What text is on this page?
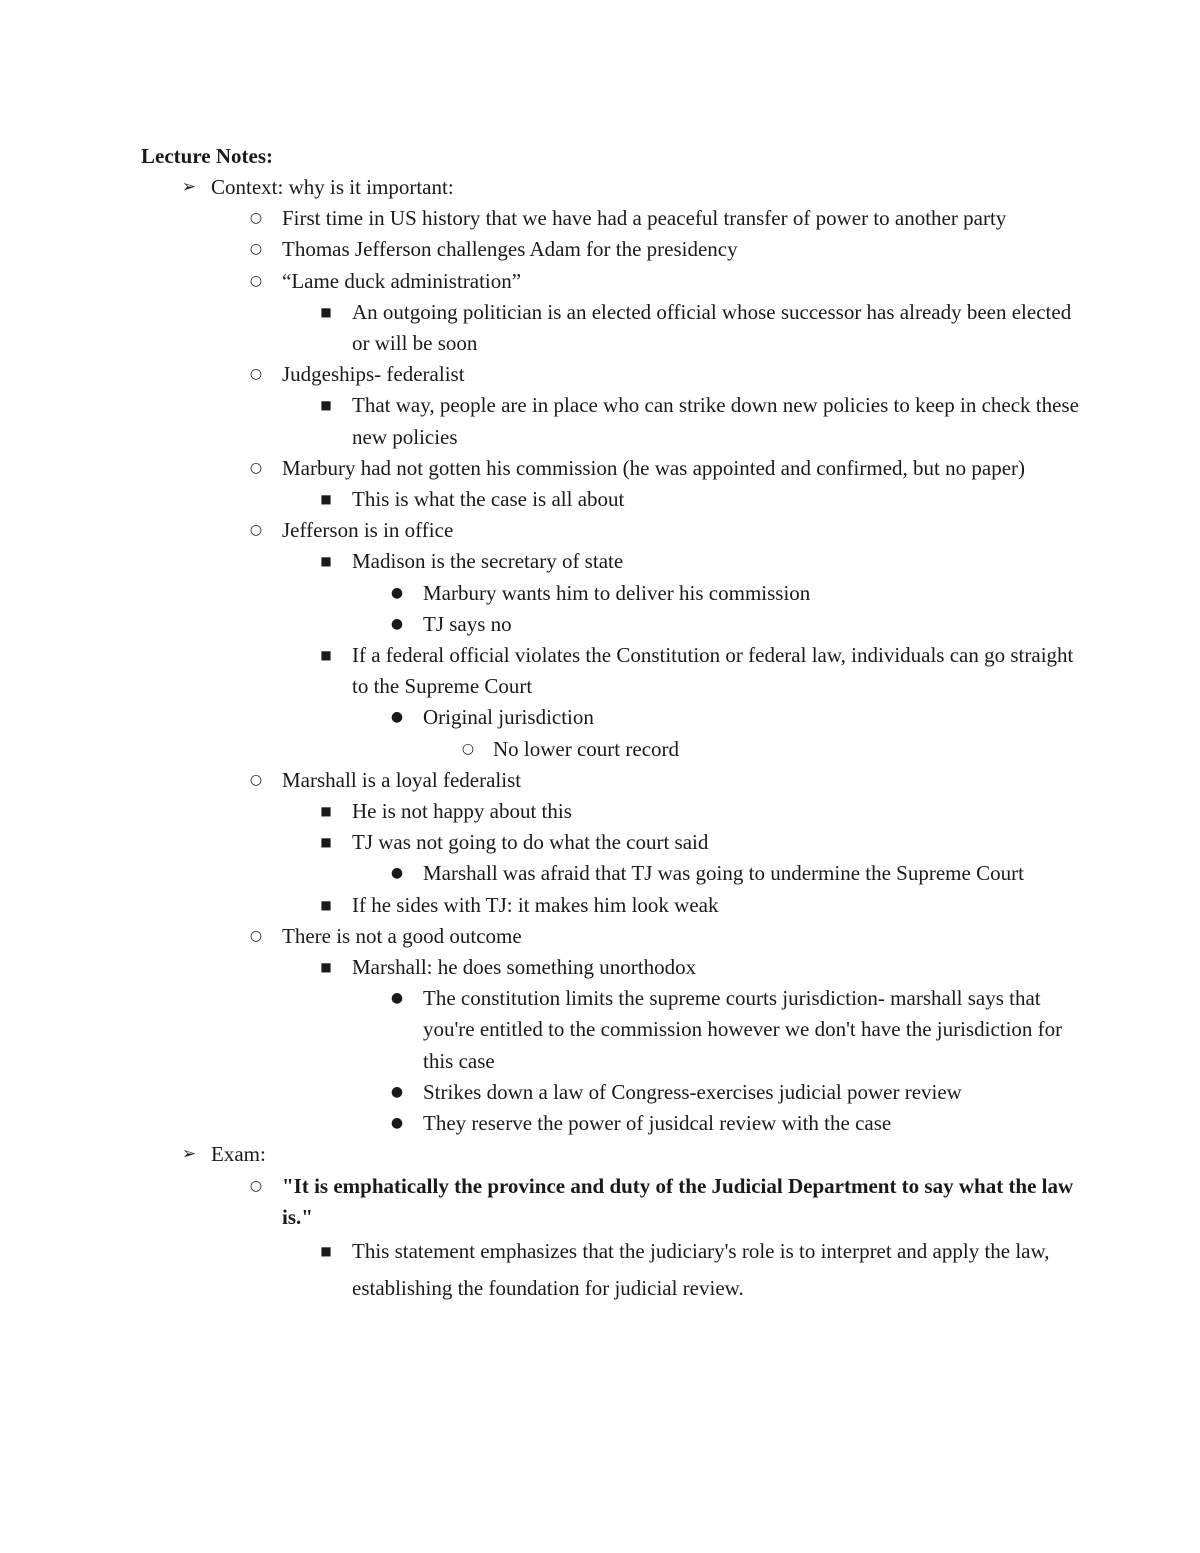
Lecture Notes:

➢ Context: why is it important:
○ First time in US history that we have had a peaceful transfer of power to another party
○ Thomas Jefferson challenges Adam for the presidency
○ “Lame duck administration”
■ An outgoing politician is an elected official whose successor has already been elected or will be soon
○ Judgeships- federalist
■ That way, people are in place who can strike down new policies to keep in check these new policies
○ Marbury had not gotten his commission (he was appointed and confirmed, but no paper)
■ This is what the case is all about
○ Jefferson is in office
■ Madison is the secretary of state
● Marbury wants him to deliver his commission
● TJ says no
■ If a federal official violates the Constitution or federal law, individuals can go straight to the Supreme Court
● Original jurisdiction
○ No lower court record
○ Marshall is a loyal federalist
■ He is not happy about this
■ TJ was not going to do what the court said
● Marshall was afraid that TJ was going to undermine the Supreme Court
■ If he sides with TJ: it makes him look weak
○ There is not a good outcome
■ Marshall: he does something unorthodox
● The constitution limits the supreme courts jurisdiction- marshall says that you're entitled to the commission however we don't have the jurisdiction for this case
● Strikes down a law of Congress-exercises judicial power review
● They reserve the power of jusidcal review with the case
➢ Exam:
○ "It is emphatically the province and duty of the Judicial Department to say what the law is."
■ This statement emphasizes that the judiciary's role is to interpret and apply the law, establishing the foundation for judicial review.
